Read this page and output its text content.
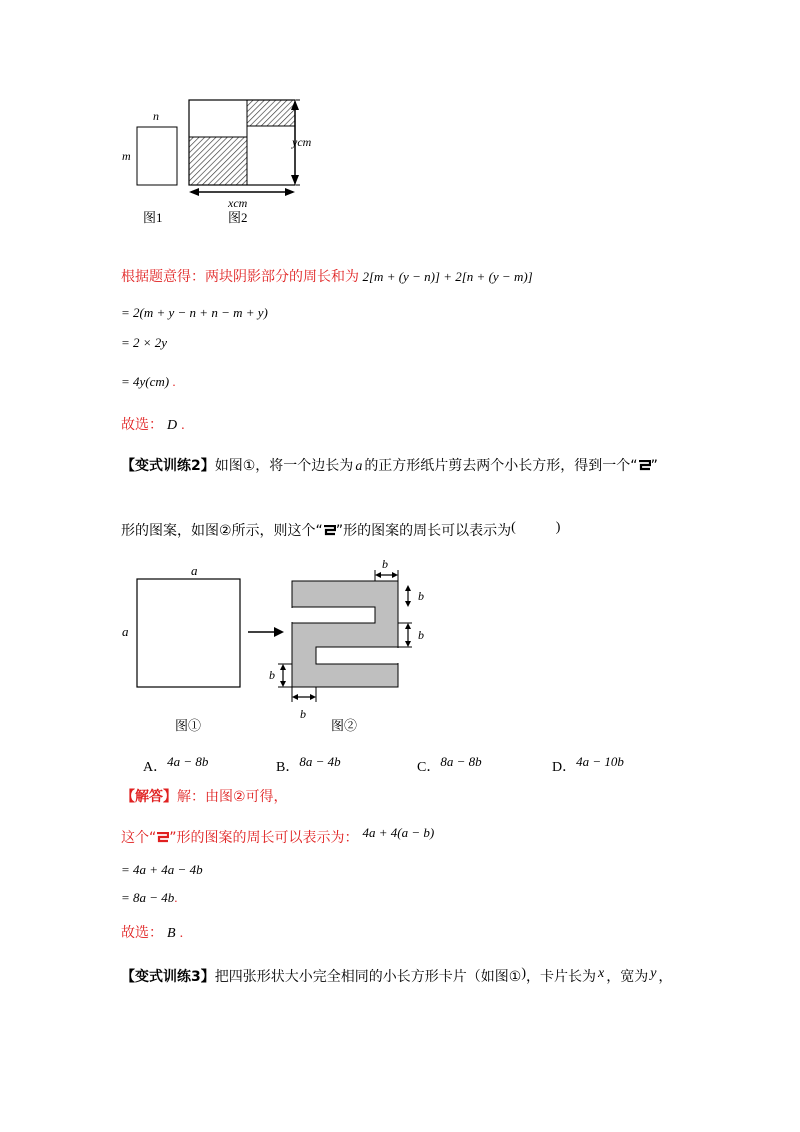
n
m
ycm
xcm
图1	图2
根据题意得：两块阴影部分的周长和为 2[m + (y − n)] + 2[n + (y − m)]
= 2(m + y − n + n − m + y)
= 2 × 2y
= 4y(cm) .
故选： D .
【变式训练2】如图①，将一个边长为 a 的正方形纸片剪去两个小长方形，得到一个“ ”
形的图案，如图②所示，则这个“ ”形的图案的周长可以表示为(	)
a
a
b
b
b
b
b
图①	图②
A．4a − 8b	B．8a − 4b	C．8a − 8b	D．4a − 10b
【解答】解：由图②可得，
这个“ ”形的图案的周长可以表示为： 4a + 4(a − b)
= 4a + 4a − 4b
= 8a − 4b.
故选： B .
【变式训练3】把四张形状大小完全相同的小长方形卡片（如图①)，卡片长为 x ，宽为 y ，
